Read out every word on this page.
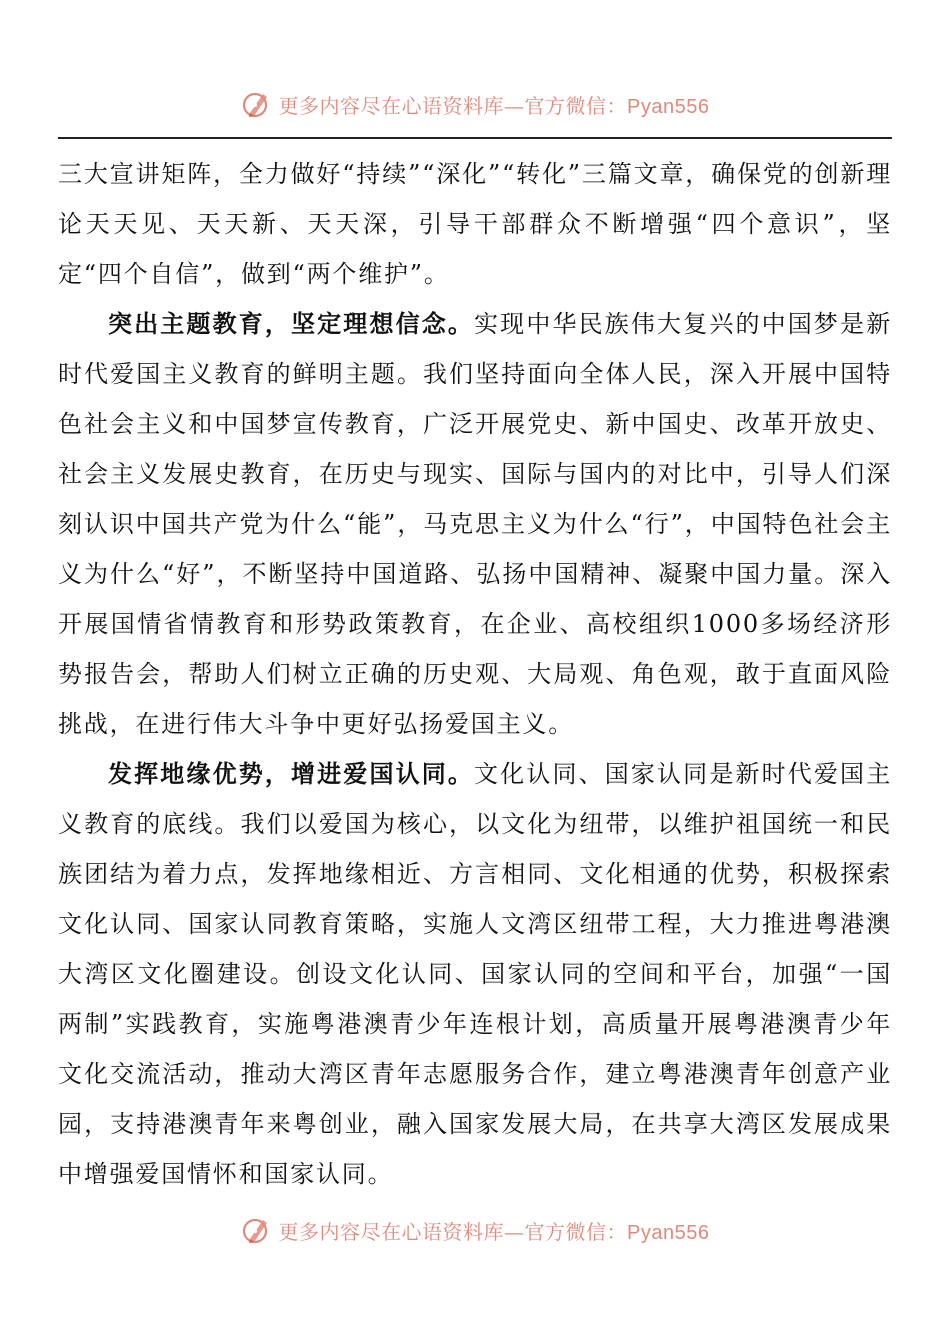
更多内容尽在心语资料库—官方微信：Pyan556

三大宣讲矩阵，全力做好“持续”“深化”“转化”三篇文章，确保党的创新理论天天见、天天新、天天深，引导干部群众不断增强“四个意识”，坚定“四个自信”，做到“两个维护”。

突出主题教育，坚定理想信念。实现中华民族伟大复兴的中国梦是新时代爱国主义教育的鲜明主题。我们坚持面向全体人民，深入开展中国特色社会主义和中国梦宣传教育，广泛开展党史、新中国史、改革开放史、社会主义发展史教育，在历史与现实、国际与国内的对比中，引导人们深刻认识中国共产党为什么“能”，马克思主义为什么“行”，中国特色社会主义为什么“好”，不断坚持中国道路、弘扬中国精神、凝聚中国力量。深入开展国情省情教育和形势政策教育，在企业、高校组织1000多场经济形势报告会，帮助人们树立正确的历史观、大局观、角色观，敢于直面风险挑战，在进行伟大斗争中更好弘扬爱国主义。

发挥地缘优势，增进爱国认同。文化认同、国家认同是新时代爱国主义教育的底线。我们以爱国为核心，以文化为纽带，以维护祖国统一和民族团结为着力点，发挥地缘相近、方言相同、文化相通的优势，积极探索文化认同、国家认同教育策略，实施人文湾区纽带工程，大力推进粤港澳大湾区文化圈建设。创设文化认同、国家认同的空间和平台，加强“一国两制”实践教育，实施粤港澳青少年连根计划，高质量开展粤港澳青少年文化交流活动，推动大湾区青年志愿服务合作，建立粤港澳青年创意产业园，支持港澳青年来粤创业，融入国家发展大局，在共享大湾区发展成果中增强爱国情怀和国家认同。

更多内容尽在心语资料库—官方微信：Pyan556
